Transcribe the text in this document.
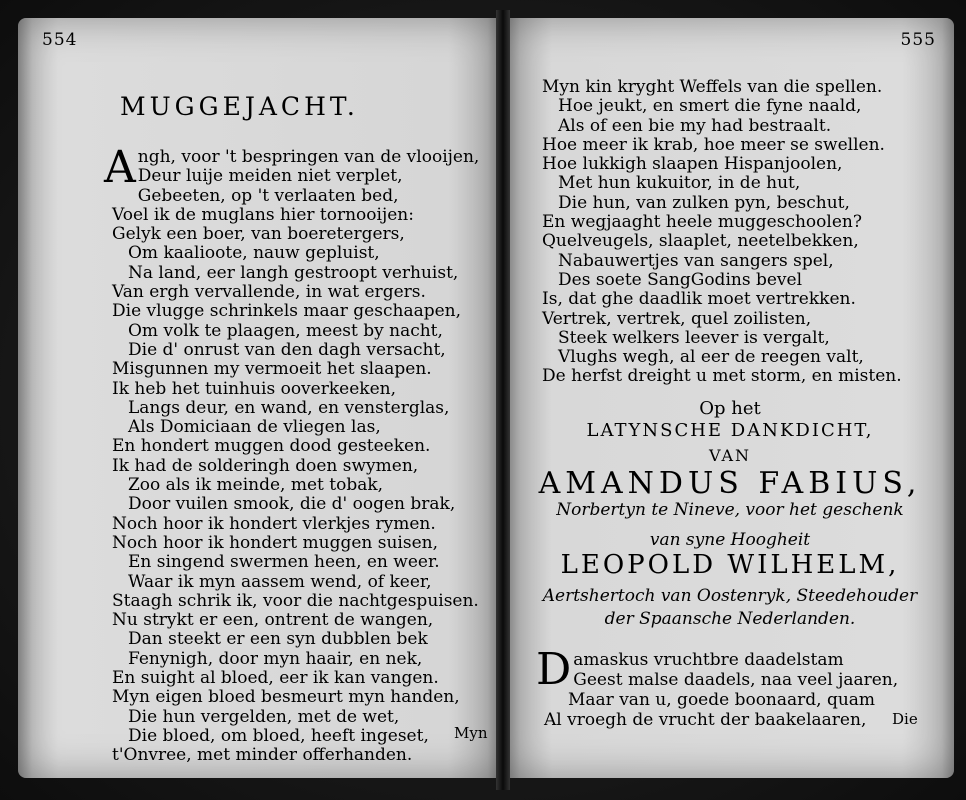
554	555
MUGGEJACHT.
Angh, voor 't bespringen van de vlooijen,
Deur luije meiden niet verplet,
Gebeeten, op 't verlaaten bed,
Voel ik de muglans hier tornooijen:
Gelyk een boer, van boeretergers,
Om kaalioote, nauw gepluist,
Na land, eer langh gestroopt verhuist,
Van ergh vervallende, in wat ergers.
Die vlugge schrinkels maar geschaapen,
Om volk te plaagen, meest by nacht,
Die d' onrust van den dagh versacht,
Misgunnen my vermoeit het slaapen.
Ik heb het tuinhuis ooverkeeken,
Langs deur, en wand, en vensterglas,
Als Domiciaan de vliegen las,
En hondert muggen dood gesteeken.
Ik had de solderingh doen swymen,
Zoo als ik meinde, met tobak,
Door vuilen smook, die d' oogen brak,
Noch hoor ik hondert vlerkjes rymen.
Noch hoor ik hondert muggen suisen,
En singend swermen heen, en weer.
Waar ik myn aassem wend, of keer,
Staagh schrik ik, voor die nachtgespuisen.
Nu strykt er een, ontrent de wangen,
Dan steekt er een syn dubblen bek
Fenynigh, door myn haair, en nek,
En suight al bloed, eer ik kan vangen.
Myn eigen bloed besmeurt myn handen,
Die hun vergelden, met de wet,
Die bloed, om bloed, heeft ingeset,
t'Onvree, met minder offerhanden.
Myn
Myn kin kryght Weffels van die spellen.
Hoe jeukt, en smert die fyne naald,
Als of een bie my had bestraalt.
Hoe meer ik krab, hoe meer se swellen.
Hoe lukkigh slaapen Hispanjoolen,
Met hun kukuitor, in de hut,
Die hun, van zulken pyn, beschut,
En wegjaaght heele muggeschoolen?
Quelveugels, slaaplet, neetelbekken,
Nabauwertjes van sangers spel,
Des soete SangGodins bevel
Is, dat ghe daadlik moet vertrekken.
Vertrek, vertrek, quel zoilisten,
Steek welkers leever is vergalt,
Vlughs wegh, al eer de reegen valt,
De herfst dreight u met storm, en misten.
Op het
LATYNSCHE DANKDICHT,
VAN
AMANDUS FABIUS,
Norbertyn te Nineve, voor het geschenk
van syne Hoogheit
LEOPOLD WILHELM,
Aertshertoch van Oostenryk, Steedehouder
der Spaansche Nederlanden.
Damaskus vruchtbre daadelstam
Geest malse daadels, naa veel jaaren,
Maar van u, goede boonaard, quam
Al vroegh de vrucht der baakelaaren,	Die
